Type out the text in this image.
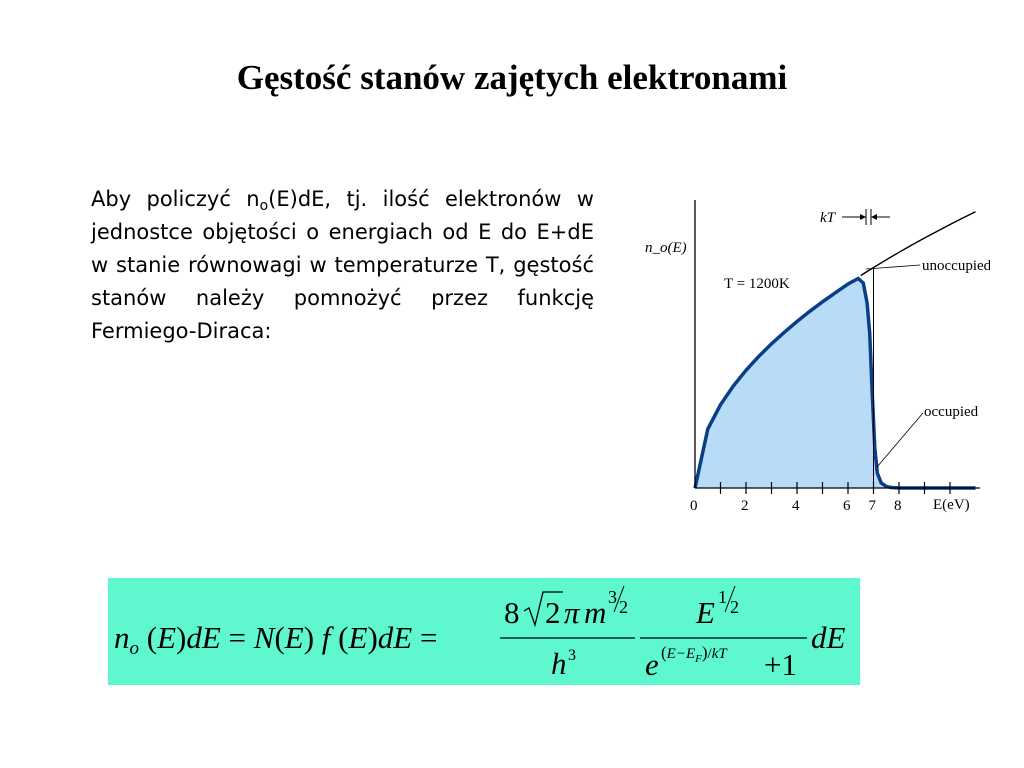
Gęstość stanów zajętych elektronami
Aby policzyć $n_o(E)dE$, tj. ilość elektronów w jednostce objętości o energiach od E do E+dE w stanie równowagi w temperaturze T, gęstość stanów należy pomnożyć przez funkcję Fermiego-Diraca:
0	2	4	6 7 8
n_o(E)
E(eV)
T = 1200K
kT
unoccupied
occupied
no (E)dE = N(E) f (E)dE =
8 2 π m 3 2
h 3
E 1 2
e $(E-E_F)/kT +1$
dE
